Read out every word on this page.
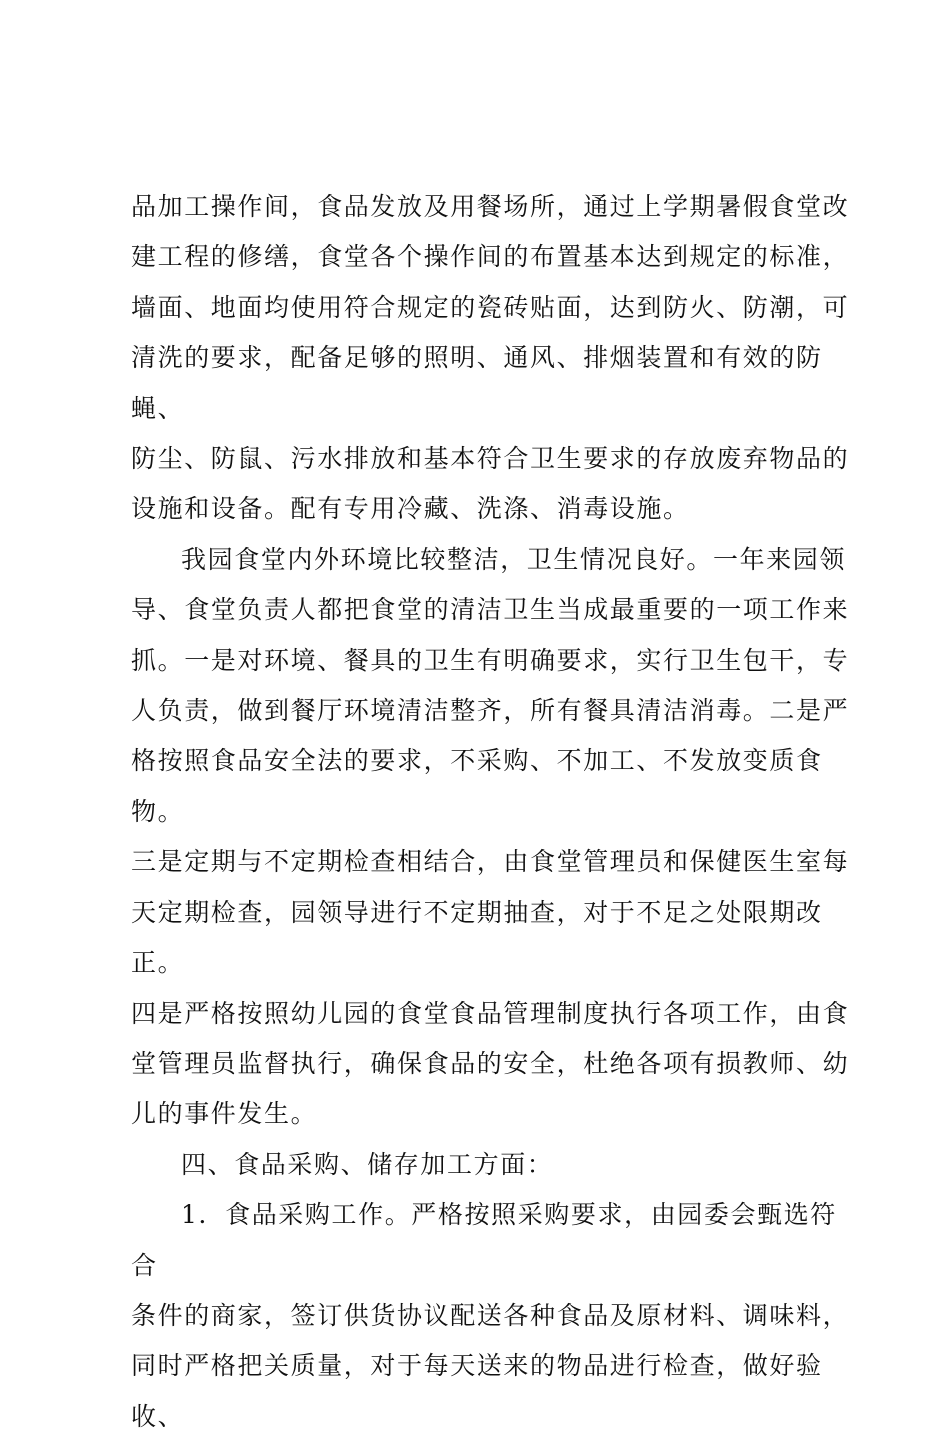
品加工操作间，食品发放及用餐场所，通过上学期暑假食堂改
建工程的修缮，食堂各个操作间的布置基本达到规定的标准，
墙面、地面均使用符合规定的瓷砖贴面，达到防火、防潮，可
清洗的要求，配备足够的照明、通风、排烟装置和有效的防蝇、
防尘、防鼠、污水排放和基本符合卫生要求的存放废弃物品的
设施和设备。配有专用冷藏、洗涤、消毒设施。

我园食堂内外环境比较整洁，卫生情况良好。一年来园领
导、食堂负责人都把食堂的清洁卫生当成最重要的一项工作来
抓。一是对环境、餐具的卫生有明确要求，实行卫生包干，专
人负责，做到餐厅环境清洁整齐，所有餐具清洁消毒。二是严
格按照食品安全法的要求，不采购、不加工、不发放变质食物。
三是定期与不定期检查相结合，由食堂管理员和保健医生室每
天定期检查，园领导进行不定期抽查，对于不足之处限期改正。
四是严格按照幼儿园的食堂食品管理制度执行各项工作，由食
堂管理员监督执行，确保食品的安全，杜绝各项有损教师、幼
儿的事件发生。

四、食品采购、储存加工方面：

1．食品采购工作。严格按照采购要求，由园委会甄选符合
条件的商家，签订供货协议配送各种食品及原材料、调味料，
同时严格把关质量，对于每天送来的物品进行检查，做好验收、
